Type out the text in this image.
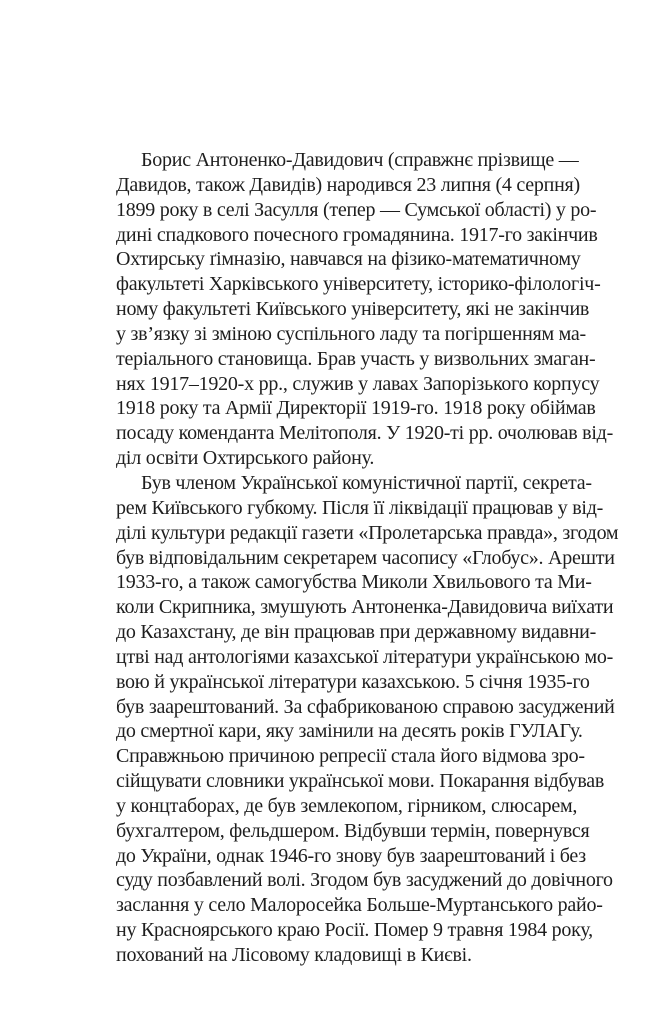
Борис Антоненко-Давидович (справжнє прізвище —
Давидов, також Давидів) народився 23 липня (4 серпня)
1899 року в селі Засулля (тепер — Сумської області) у ро-
дині спадкового почесного громадянина. 1917-го закінчив
Охтирську ґімназію, навчався на фізико-математичному
факультеті Харківського університету, історико-філологіч-
ному факультеті Київського університету, які не закінчив
у зв’язку зі зміною суспільного ладу та погіршенням ма-
теріального становища. Брав участь у визвольних змаган-
нях 1917–1920-х рр., служив у лавах Запорізького корпусу
1918 року та Армії Директорії 1919-го. 1918 року обіймав
посаду коменданта Мелітополя. У 1920-ті рр. очолював від-
діл освіти Охтирського району.
Був членом Української комуністичної партії, секрета-
рем Київського губкому. Після її ліквідації працював у від-
ділі культури редакції газети «Пролетарська правда», згодом
був відповідальним секретарем часопису «Глобус». Арешти
1933-го, а також самогубства Миколи Хвильового та Ми-
коли Скрипника, змушують Антоненка-Давидовича виїхати
до Казахстану, де він працював при державному видавни-
цтві над антологіями казахської літератури українською мо-
вою й української літератури казахською. 5 січня 1935-го
був заарештований. За сфабрикованою справою засуджений
до смертної кари, яку замінили на десять років ГУЛАГу.
Справжньою причиною репресії стала його відмова зро-
сійщувати словники української мови. Покарання відбував
у концтаборах, де був землекопом, гірником, слюсарем,
бухгалтером, фельдшером. Відбувши термін, повернувся
до України, однак 1946-го знову був заарештований і без
суду позбавлений волі. Згодом був засуджений до довічного
заслання у село Малоросейка Больше-Муртанського райо-
ну Красноярського краю Росії. Помер 9 травня 1984 року,
похований на Лісовому кладовищі в Києві.
